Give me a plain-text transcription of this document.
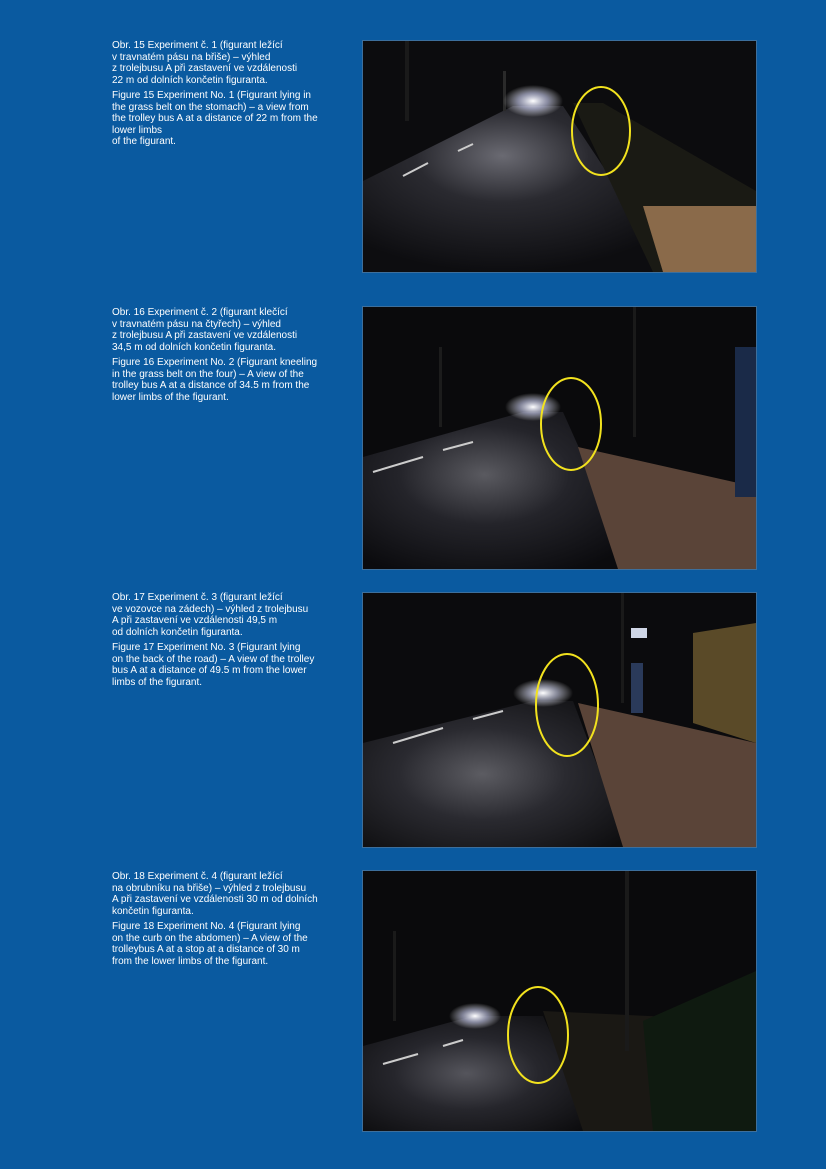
Obr. 15 Experiment č. 1 (figurant ležící
v travnatém pásu na břiše) – výhled
z trolejbusu A při zastavení ve vzdálenosti
22 m od dolních končetin figuranta.

Figure 15 Experiment No. 1 (Figurant lying in
the grass belt on the stomach) – a view from
the trolley bus A at a distance of 22 m from the
lower limbs
of the figurant.

Obr. 16 Experiment č. 2 (figurant klečící
v travnatém pásu na čtyřech) – výhled
z trolejbusu A při zastavení ve vzdálenosti
34,5 m od dolních končetin figuranta.

Figure 16 Experiment No. 2 (Figurant kneeling
in the grass belt on the four) – A view of the
trolley bus A at a distance of 34.5 m from the
lower limbs of the figurant.

Obr. 17 Experiment č. 3 (figurant ležící
ve vozovce na zádech) – výhled z trolejbusu
A při zastavení ve vzdálenosti 49,5 m
od dolních končetin figuranta.

Figure 17 Experiment No. 3 (Figurant lying
on the back of the road) – A view of the trolley
bus A at a distance of 49.5 m from the lower
limbs of the figurant.

Obr. 18 Experiment č. 4 (figurant ležící
na obrubníku na břiše) – výhled z trolejbusu
A při zastavení ve vzdálenosti 30 m od dolních
končetin figuranta.

Figure 18 Experiment No. 4 (Figurant lying
on the curb on the abdomen) – A view of the
trolleybus A at a stop at a distance of 30 m
from the lower limbs of the figurant.
